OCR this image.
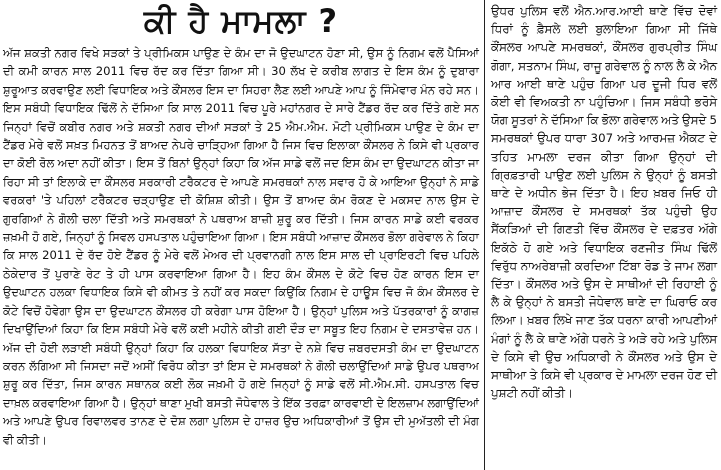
ਕੀ ਹੈ ਮਾਮਲਾ ?

ਅੱਜ ਸ਼ਕਤੀ ਨਗਰ ਵਿਖੇ ਸੜਕਾਂ ਤੇ ਪ੍ਰੀਮਿਕਸ ਪਾਉਣ ਦੇ ਕੰਮ ਦਾ ਜੋ ਉਦਘਾਟਨ ਹੋਣਾ ਸੀ, ਉਸ ਨੂੰ ਨਿਗਮ ਵਲੋਂ ਪੈਸਿਆਂ ਦੀ ਕਮੀ ਕਾਰਨ ਸਾਲ 2011 ਵਿਚ ਰੱਦ ਕਰ ਦਿੱਤਾ ਗਿਆ ਸੀ। 30 ਲੱਖ ਦੇ ਕਰੀਬ ਲਾਗਤ ਦੇ ਇਸ ਕੰਮ ਨੂੰ ਦੁਬਾਰਾ ਸ਼ੁਰੂਆਤ ਕਰਵਾਉਣ ਲਈ ਵਿਧਾਇਕ ਅਤੇ ਕੌਂਸਲਰ ਇਸ ਦਾ ਸਿਹਰਾ ਲੈਣ ਲਈ ਆਪਣੇ ਆਪ ਨੂੰ ਜਿੰਮੇਵਾਰ ਮੰਨ ਰਹੇ ਸਨ। ਇਸ ਸਬੰਧੀ ਵਿਧਾਇਕ ਢਿੱਲੋਂ ਨੇ ਦੱਸਿਆ ਕਿ ਸਾਲ 2011 ਵਿਚ ਪੂਰੇ ਮਹਾਂਨਗਰ ਦੇ ਸਾਰੇ ਟੈਂਡਰ ਰੱਦ ਕਰ ਦਿੱਤੇ ਗਏ ਸਨ ਜਿਨ੍ਹਾਂ ਵਿਚੋਂ ਕਬੀਰ ਨਗਰ ਅਤੇ ਸ਼ਕਤੀ ਨਗਰ ਦੀਆਂ ਸੜਕਾਂ ਤੇ 25 ਐਮ.ਐਮ. ਮੋਟੀ ਪ੍ਰੀਮਿਕਸ ਪਾਉਣ ਦੇ ਕੰਮ ਦਾ ਟੈਂਡਰ ਮੇਰੇ ਵਲੋਂ ਸਖ਼ਤ ਮਿਹਨਤ ਤੋਂ ਬਾਅਦ ਨੇਪਰੇ ਚਾੜ੍ਹਿਆ ਗਿਆ ਹੈ ਜਿਸ ਵਿਚ ਇਲਾਕਾ ਕੌਂਸਲਰ ਨੇ ਕਿਸੇ ਵੀ ਪ੍ਰਕਾਰ ਦਾ ਕੋਈ ਰੋਲ ਅਦਾ ਨਹੀਂ ਕੀਤਾ। ਇਸ ਤੋਂ ਬਿਨਾਂ ਉਨ੍ਹਾਂ ਕਿਹਾ ਕਿ ਅੱਜ ਸਾਡੇ ਵਲੋਂ ਜਦ ਇਸ ਕੰਮ ਦਾ ਉਦਘਾਟਨ ਕੀਤਾ ਜਾ ਰਿਹਾ ਸੀ ਤਾਂ ਇਲਾਕੇ ਦਾ ਕੌਂਸਲਰ ਸਰਕਾਰੀ ਟਰੈਕਟਰ ਦੇ ਆਪਣੇ ਸਮਰਥਕਾਂ ਨਾਲ ਸਵਾਰ ਹੋ ਕੇ ਆਇਆ ਉਨ੍ਹਾਂ ਨੇ ਸਾਡੇ ਵਰਕਰਾਂ 'ਤੇ ਪਹਿਲਾਂ ਟਰੈਕਟਰ ਚੜ੍ਹਾਉਣ ਦੀ ਕੋਸ਼ਿਸ਼ ਕੀਤੀ। ਉਸ ਤੋਂ ਬਾਅਦ ਕੰਮ ਰੋਕਣ ਦੇ ਮਕਸਦ ਨਾਲ ਉਸ ਦੇ ਗੁਰਗਿਆਂ ਨੇ ਗੋਲੀ ਚਲਾ ਦਿੱਤੀ ਅਤੇ ਸਮਰਥਕਾਂ ਨੇ ਪਥਰਾਅ ਬਾਜ਼ੀ ਸ਼ੁਰੂ ਕਰ ਦਿੱਤੀ। ਜਿਸ ਕਾਰਨ ਸਾਡੇ ਕਈ ਵਰਕਰ ਜ਼ਖ਼ਮੀ ਹੋ ਗਏ, ਜਿਨ੍ਹਾਂ ਨੂੰ ਸਿਵਲ ਹਸਪਤਾਲ ਪਹੁੰਚਾਇਆ ਗਿਆ। ਇਸ ਸਬੰਧੀ ਆਜ਼ਾਦ ਕੌਂਸਲਰ ਭੋਲਾ ਗਰੇਵਾਲ ਨੇ ਕਿਹਾ ਕਿ ਸਾਲ 2011 ਦੇ ਰੱਦ ਹੋਏ ਟੈਂਡਰ ਨੂੰ ਮੇਰੇ ਵਲੋਂ ਮੇਅਰ ਦੀ ਪ੍ਰਵਾਨਗੀ ਨਾਲ ਇਸ ਸਾਲ ਦੀ ਪ੍ਰਾਇਰਟੀ ਵਿਚ ਪਹਿਲੇ ਠੇਕੇਦਾਰ ਤੋਂ ਪੁਰਾਣੇ ਰੇਟ ਤੇ ਹੀ ਪਾਸ ਕਰਵਾਇਆ ਗਿਆ ਹੈ। ਇਹ ਕੰਮ ਕੌਂਸਲ ਦੇ ਕੋਟੇ ਵਿਚ ਹੋਣ ਕਾਰਨ ਇਸ ਦਾ ਉਦਘਾਟਨ ਹਲਕਾ ਵਿਧਾਇਕ ਕਿਸੇ ਵੀ ਕੀਮਤ ਤੇ ਨਹੀਂ ਕਰ ਸਕਦਾ ਕਿਉਂਕਿ ਨਿਗਮ ਦੇ ਹਾਊਸ ਵਿਚ ਜੋ ਕੰਮ ਕੌਂਸਲਰ ਦੇ ਕੋਟੇ ਵਿਚੋਂ ਹੋਵੇਗਾ ਉਸ ਦਾ ਉਦਘਾਟਨ ਕੌਂਸਲਰ ਹੀ ਕਰੇਗਾ ਪਾਸ ਹੋਇਆ ਹੈ। ਉਨ੍ਹਾਂ ਪੁਲਿਸ ਅਤੇ ਪੱਤਰਕਾਰਾਂ ਨੂੰ ਕਾਗਜ਼ ਦਿਖਾਉਂਦਿਆਂ ਕਿਹਾ ਕਿ ਇਸ ਸਬੰਧੀ ਮੇਰੇ ਵਲੋਂ ਕਈ ਮਹੀਨੇ ਕੀਤੀ ਗਈ ਦੌੜ ਦਾ ਸਬੂਤ ਇਹ ਨਿਗਮ ਦੇ ਦਸਤਾਵੇਜ਼ ਹਨ। ਅੱਜ ਦੀ ਹੋਈ ਲੜਾਈ ਸਬੰਧੀ ਉਨ੍ਹਾਂ ਕਿਹਾ ਕਿ ਹਲਕਾ ਵਿਧਾਇਕ ਸੱਤਾ ਦੇ ਨਸ਼ੇ ਵਿਚ ਜ਼ਬਰਦਸਤੀ ਕੰਮ ਦਾ ਉਦਘਾਟਨ ਕਰਨ ਲੱਗਿਆ ਸੀ ਜਿਸਦਾ ਜਦੋਂ ਅਸੀਂ ਵਿਰੋਧ ਕੀਤਾ ਤਾਂ ਇਸ ਦੇ ਸਮਰਥਕਾਂ ਨੇ ਗੋਲੀ ਚਲਾਉਂਦਿਆਂ ਸਾਡੇ ਉਪਰ ਪਥਰਾਅ ਸ਼ੁਰੂ ਕਰ ਦਿੱਤਾ, ਜਿਸ ਕਾਰਨ ਸਥਾਨਕ ਕਈ ਲੋਕ ਜਖ਼ਮੀ ਹੋ ਗਏ ਜਿਨ੍ਹਾਂ ਨੂੰ ਸਾਡੇ ਵਲੋਂ ਸੀ.ਐਮ.ਸੀ. ਹਸਪਤਾਲ ਵਿਚ ਦਾਖ਼ਲ ਕਰਵਾਇਆ ਗਿਆ ਹੈ। ਉਨ੍ਹਾਂ ਥਾਣਾ ਮੁਖੀ ਬਸਤੀ ਜੋਧੇਵਾਲ ਤੇ ਇੱਕ ਤਰਫ਼ਾ ਕਾਰਵਾਈ ਦੇ ਇਲਜ਼ਾਮ ਲਗਾਉਂਦਿਆਂ ਅਤੇ ਆਪਣੇ ਉਪਰ ਰਿਵਾਲਵਰ ਤਾਨਣ ਦੇ ਦੋਸ਼ ਲਗਾ ਪੁਲਿਸ ਦੇ ਹਾਜ਼ਰ ਉਚ ਅਧਿਕਾਰੀਆਂ ਤੋਂ ਉਸ ਦੀ ਮੁਅੱਤਲੀ ਦੀ ਮੰਗ ਵੀ ਕੀਤੀ।

ਉਧਰ ਪੁਲਿਸ ਵਲੋਂ ਐਨ.ਆਰ.ਆਈ ਥਾਣੇ ਵਿੱਚ ਦੋਵਾਂ ਧਿਰਾਂ ਨੂੰ ਫ਼ੈਸਲੇ ਲਈ ਬੁਲਾਇਆ ਗਿਆ ਸੀ ਜਿੱਥੇ ਕੌਂਸਲਰ ਆਪਣੇ ਸਮਰਥਕਾਂ, ਕੌਂਸਲਰ ਗੁਰਪ੍ਰੀਤ ਸਿੰਘ ਗੋਗਾ, ਸਤਨਾਮ ਸਿੰਘ, ਰਾਜੂ ਗਰੇਵਾਲ ਨੂੰ ਨਾਲ ਲੈ ਕੇ ਐਨ ਆਰ ਆਈ ਥਾਣੇ ਪਹੁੰਚ ਗਿਆ ਪਰ ਦੂਜੀ ਧਿਰ ਵਲੋਂ ਕੋਈ ਵੀ ਵਿਅਕਤੀ ਨਾ ਪਹੁੰਚਿਆ। ਜਿਸ ਸਬੰਧੀ ਭਰੋਸੇ ਯੋਗ ਸੂਤਰਾਂ ਨੇ ਦੱਸਿਆ ਕਿ ਭੋਲਾ ਗਰੇਵਾਲ ਅਤੇ ਉਸਦੇ 5 ਸਮਰਥਕਾਂ ਉਪਰ ਧਾਰਾ 307 ਅਤੇ ਆਰਮਜ਼ ਐਕਟ ਦੇ ਤਹਿਤ ਮਾਮਲਾ ਦਰਜ ਕੀਤਾ ਗਿਆ ਉਨ੍ਹਾਂ ਦੀ ਗ੍ਰਿਫ਼ਤਾਰੀ ਪਾਉਣ ਲਈ ਪੁਲਿਸ ਨੇ ਉਨ੍ਹਾਂ ਨੂੰ ਬਸਤੀ ਥਾਣੇ ਦੇ ਅਧੀਨ ਭੇਜ ਦਿੱਤਾ ਹੈ। ਇਹ ਖ਼ਬਰ ਜਿਓ ਹੀ ਆਜ਼ਾਦ ਕੌਂਸਲਰ ਦੇ ਸਮਰਥਕਾਂ ਤੱਕ ਪਹੁੰਚੀ ਉਹ ਸੈਂਕੜਿਆਂ ਦੀ ਗਿਣਤੀ ਵਿੱਚ ਕੌਂਸਲਰ ਦੇ ਦਫ਼ਤਰ ਅੱਗੇ ਇਕੱਠੇ ਹੋ ਗਏ ਅਤੇ ਵਿਧਾਇਕ ਰਣਜੀਤ ਸਿੰਘ ਢਿੱਲੋਂ ਵਿਰੁੱਧ ਨਾਅਰੇਬਾਜ਼ੀ ਕਰਦਿਆ ਟਿੱਬਾ ਰੋਡ ਤੇ ਜਾਮ ਲਗਾ ਦਿੱਤਾ। ਕੌਂਸਲਰ ਅਤੇ ਉਸ ਦੇ ਸਾਥੀਆਂ ਦੀ ਰਿਹਾਈ ਨੂੰ ਲੈ ਕੇ ਉਨ੍ਹਾਂ ਨੇ ਬਸਤੀ ਜੋਧੇਵਾਲ ਥਾਣੇ ਦਾ ਘਿਰਾਓ ਕਰ ਲਿਆ। ਖ਼ਬਰ ਲਿਖੇ ਜਾਣ ਤੱਕ ਧਰਨਾ ਕਾਰੀ ਆਪਣੀਆਂ ਮੰਗਾਂ ਨੂੰ ਲੈ ਕੇ ਥਾਣੇ ਅੱਗੇ ਧਰਨੇ ਤੇ ਅੜੇ ਰਹੇ ਅਤੇ ਪੁਲਿਸ ਦੇ ਕਿਸੇ ਵੀ ਉਚ ਅਧਿਕਾਰੀ ਨੇ ਕੌਂਸਲਰ ਅਤੇ ਉਸ ਦੇ ਸਾਥੀਆ ਤੇ ਕਿਸੇ ਵੀ ਪ੍ਰਕਾਰ ਦੇ ਮਾਮਲਾ ਦਰਜ ਹੋਣ ਦੀ ਪੁਸ਼ਟੀ ਨਹੀਂ ਕੀਤੀ।
